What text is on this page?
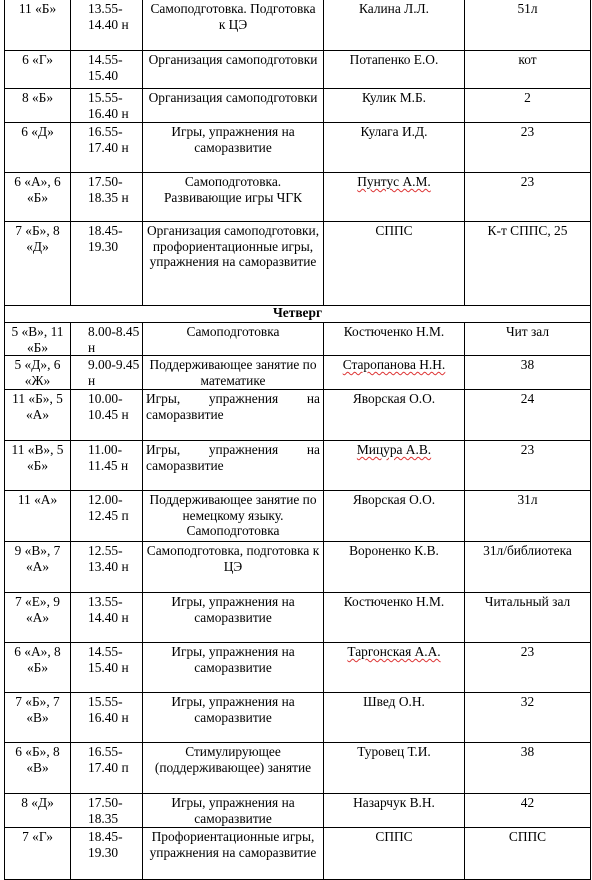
11 «Б»	13.55-14.40 н	Самоподготовка. Подготовка к ЦЭ	Калина Л.Л.	51л
6 «Г»	14.55-15.40	Организация самоподготовки	Потапенко Е.О.	кот
8 «Б»	15.55-16.40 н	Организация самоподготовки	Кулик М.Б.	2
6 «Д»	16.55-17.40 н	Игры, упражнения на саморазвитие	Кулага И.Д.	23
6 «А», 6 «Б»	17.50-18.35 н	Самоподготовка. Развивающие игры ЧГК	Пунтус А.М.	23
7 «Б», 8 «Д»	18.45-19.30	Организация самоподготовки, профориентационные игры, упражнения на саморазвитие	СППС	К-т СППС, 25
Четверг				
5 «В», 11 «Б»	8.00-8.45 н	Самоподготовка	Костюченко Н.М.	Чит зал
5 «Д», 6 «Ж»	9.00-9.45 н	Поддерживающее занятие по математике	Старопанова Н.Н.	38
11 «Б», 5 «А»	10.00-10.45 н	Игры, упражнения на саморазвитие	Яворская О.О.	24
11 «В», 5 «Б»	11.00-11.45 н	Игры, упражнения на саморазвитие	Мицура А.В.	23
11 «А»	12.00-12.45 п	Поддерживающее занятие по немецкому языку. Самоподготовка	Яворская О.О.	31л
9 «В», 7 «А»	12.55-13.40 н	Самоподготовка, подготовка к ЦЭ	Вороненко К.В.	31л/библиотека
7 «Е», 9 «А»	13.55-14.40 н	Игры, упражнения на саморазвитие	Костюченко Н.М.	Читальный зал
6 «А», 8 «Б»	14.55-15.40 н	Игры, упражнения на саморазвитие	Таргонская А.А.	23
7 «Б», 7 «В»	15.55-16.40 н	Игры, упражнения на саморазвитие	Швед О.Н.	32
6 «Б», 8 «В»	16.55-17.40 п	Стимулирующее (поддерживающее) занятие	Туровец Т.И.	38
8 «Д»	17.50-18.35	Игры, упражнения на саморазвитие	Назарчук В.Н.	42
7 «Г»	18.45-19.30	Профориентационные игры, упражнения на саморазвитие	СППС	СППС
